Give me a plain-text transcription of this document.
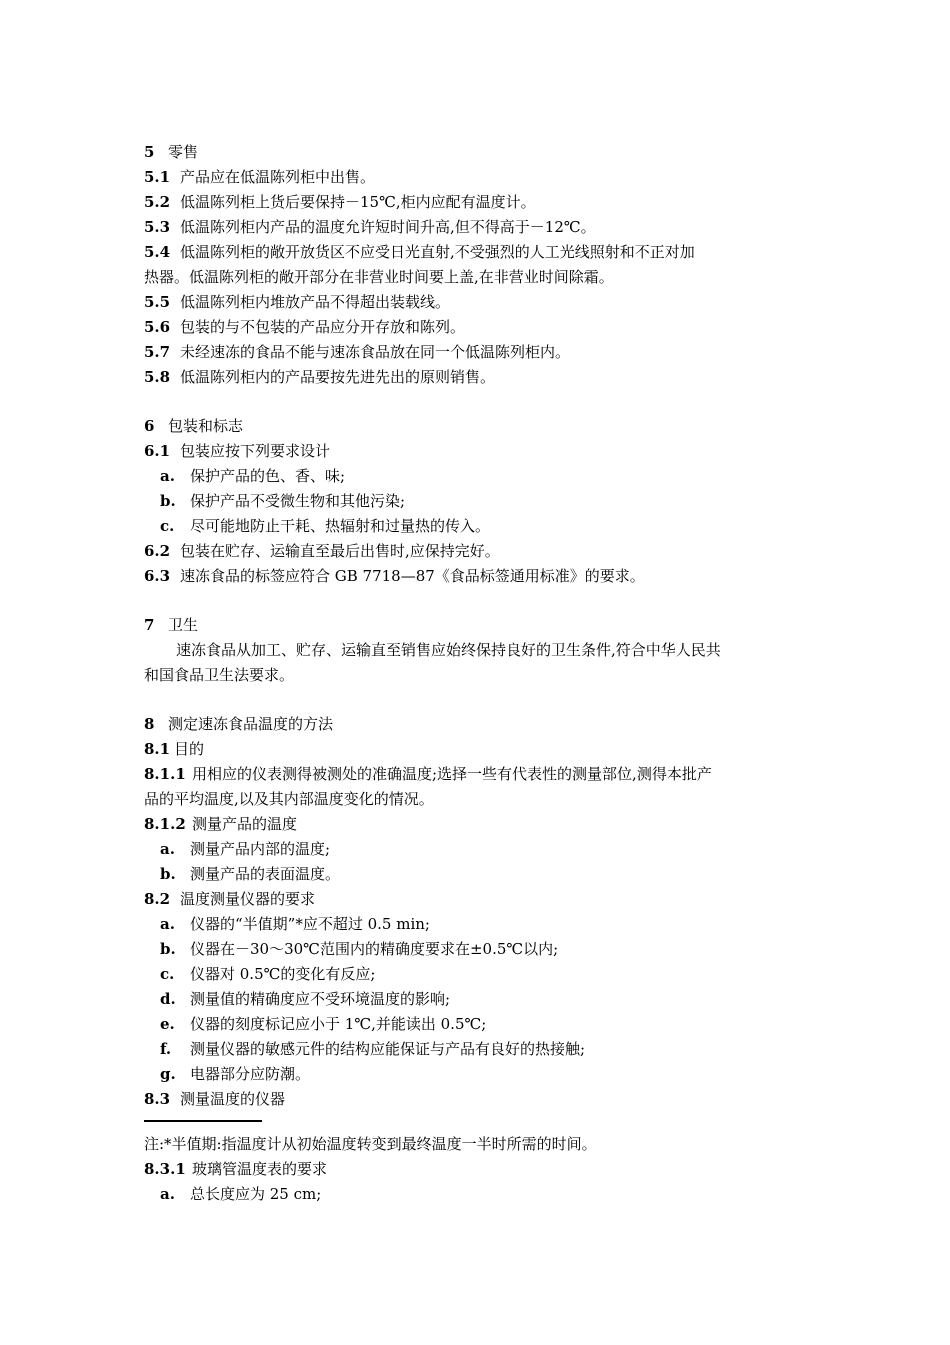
5 零售
5.1 产品应在低温陈列柜中出售。
5.2 低温陈列柜上货后要保持－15℃,柜内应配有温度计。
5.3 低温陈列柜内产品的温度允许短时间升高,但不得高于－12℃。
5.4 低温陈列柜的敞开放货区不应受日光直射,不受强烈的人工光线照射和不正对加
热器。低温陈列柜的敞开部分在非营业时间要上盖,在非营业时间除霜。
5.5 低温陈列柜内堆放产品不得超出装载线。
5.6 包装的与不包装的产品应分开存放和陈列。
5.7 未经速冻的食品不能与速冻食品放在同一个低温陈列柜内。
5.8 低温陈列柜内的产品要按先进先出的原则销售。
6 包装和标志
6.1 包装应按下列要求设计
a. 保护产品的色、香、味;
b. 保护产品不受微生物和其他污染;
c. 尽可能地防止干耗、热辐射和过量热的传入。
6.2 包装在贮存、运输直至最后出售时,应保持完好。
6.3 速冻食品的标签应符合 GB 7718—87《食品标签通用标准》的要求。
7 卫生
速冻食品从加工、贮存、运输直至销售应始终保持良好的卫生条件,符合中华人民共
和国食品卫生法要求。
8 测定速冻食品温度的方法
8.1 目的
8.1.1 用相应的仪表测得被测处的准确温度;选择一些有代表性的测量部位,测得本批产
品的平均温度,以及其内部温度变化的情况。
8.1.2 测量产品的温度
a. 测量产品内部的温度;
b. 测量产品的表面温度。
8.2 温度测量仪器的要求
a. 仪器的“半值期”*应不超过 0.5 min;
b. 仪器在－30～30℃范围内的精确度要求在±0.5℃以内;
c. 仪器对 0.5℃的变化有反应;
d. 测量值的精确度应不受环境温度的影响;
e. 仪器的刻度标记应小于 1℃,并能读出 0.5℃;
f. 测量仪器的敏感元件的结构应能保证与产品有良好的热接触;
g. 电器部分应防潮。
8.3 测量温度的仪器
注:*半值期:指温度计从初始温度转变到最终温度一半时所需的时间。
8.3.1 玻璃管温度表的要求
a. 总长度应为 25 cm;
